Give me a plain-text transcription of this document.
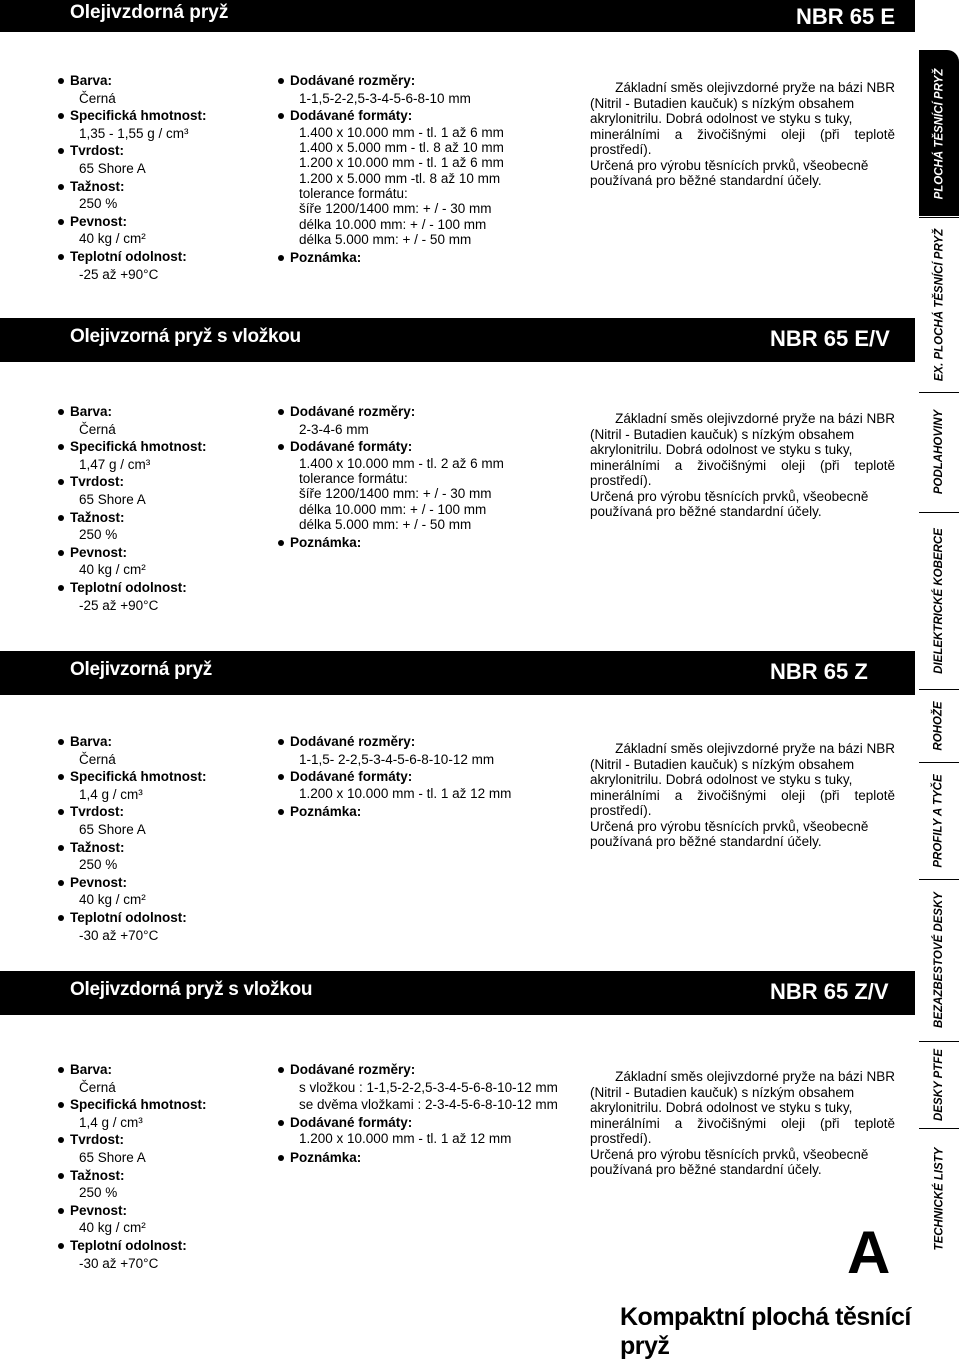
Olejivzdorná pryž	NBR 65 E
Barva:
Černá
Specifická hmotnost:
1,35 - 1,55 g / cm³
Tvrdost:
65 Shore A
Tažnost:
250 %
Pevnost:
40 kg / cm²
Teplotní odolnost:
-25 až +90°C
Dodávané rozměry:
1-1,5-2-2,5-3-4-5-6-8-10 mm
Dodávané formáty:
1.400 x 10.000 mm - tl. 1 až 6 mm
1.400 x 5.000 mm - tl. 8 až 10 mm
1.200 x 10.000 mm - tl. 1 až 6 mm
1.200 x 5.000 mm -tl. 8 až 10 mm
tolerance formátu:
šíře 1200/1400 mm: + / - 30 mm
délka 10.000 mm: + / - 100 mm
délka 5.000 mm: + / - 50 mm
Poznámka:
Základní směs olejivzdorné pryže na bázi NBR
(Nitril - Butadien kaučuk) s nízkým obsahem
akrylonitrilu. Dobrá odolnost ve styku s tuky,
minerálními a živočišnými oleji (při teplotě prostředí).
Určená pro výrobu těsnících prvků, všeobecně
používaná pro běžné standardní účely.
Olejivzorná pryž s vložkou	NBR 65 E/V
Barva:
Černá
Specifická hmotnost:
1,47 g / cm³
Tvrdost:
65 Shore A
Tažnost:
250 %
Pevnost:
40 kg / cm²
Teplotní odolnost:
-25 až +90°C
Dodávané rozměry:
2-3-4-6 mm
Dodávané formáty:
1.400 x 10.000 mm - tl. 2 až 6 mm
tolerance formátu:
šíře 1200/1400 mm: + / - 30 mm
délka 10.000 mm: + / - 100 mm
délka 5.000 mm: + / - 50 mm
Poznámka:
Základní směs olejivzdorné pryže na bázi NBR
(Nitril - Butadien kaučuk) s nízkým obsahem
akrylonitrilu. Dobrá odolnost ve styku s tuky,
minerálními a živočišnými oleji (při teplotě prostředí).
Určená pro výrobu těsnících prvků, všeobecně
používaná pro běžné standardní účely.
Olejivzorná pryž	NBR 65 Z
Barva:
Černá
Specifická hmotnost:
1,4 g / cm³
Tvrdost:
65 Shore A
Tažnost:
250 %
Pevnost:
40 kg / cm²
Teplotní odolnost:
-30 až +70°C
Dodávané rozměry:
1-1,5- 2-2,5-3-4-5-6-8-10-12 mm
Dodávané formáty:
1.200 x 10.000 mm - tl. 1 až 12 mm
Poznámka:
Základní směs olejivzdorné pryže na bázi NBR
(Nitril - Butadien kaučuk) s nízkým obsahem
akrylonitrilu. Dobrá odolnost ve styku s tuky,
minerálními a živočišnými oleji (při teplotě prostředí).
Určená pro výrobu těsnících prvků, všeobecně
používaná pro běžné standardní účely.
Olejivzdorná pryž s vložkou	NBR 65 Z/V
Barva:
Černá
Specifická hmotnost:
1,4 g / cm³
Tvrdost:
65 Shore A
Tažnost:
250 %
Pevnost:
40 kg / cm²
Teplotní odolnost:
-30 až +70°C
Dodávané rozměry:
s vložkou : 1-1,5-2-2,5-3-4-5-6-8-10-12 mm
se dvěma vložkami : 2-3-4-5-6-8-10-12 mm
Dodávané formáty:
1.200 x 10.000 mm - tl. 1 až 12 mm
Poznámka:
Základní směs olejivzdorné pryže na bázi NBR
(Nitril - Butadien kaučuk) s nízkým obsahem
akrylonitrilu. Dobrá odolnost ve styku s tuky,
minerálními a živočišnými oleji (při teplotě prostředí).
Určená pro výrobu těsnících prvků, všeobecně
používaná pro běžné standardní účely.
PLOCHÁ TĚSNÍCÍ PRYŽ
EX. PLOCHÁ TĚSNÍCÍ PRYŽ
PODLAHOVINY
DIELEKTRICKÉ KOBERCE
ROHOŽE
PROFILY A TYČE
BEZAZBESTOVÉ DESKY
DESKY PTFE
TECHNICKÉ LISTY
A
Kompaktní plochá těsnící pryž
